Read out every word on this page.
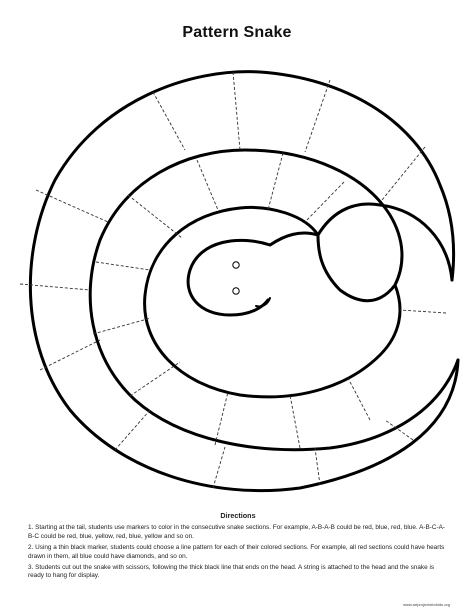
Pattern Snake
Directions

1. Starting at the tail, students use markers to color in the consecutive snake sections. For example, A-B-A-B could be red, blue, red, blue. A-B-C-A-B-C could be red, blue, yellow, red, blue, yellow and so on.

2. Using a thin black marker, students could choose a line pattern for each of their colored sections. For example, all red sections could have hearts drawn in them, all blue could have diamonds, and so on.

3. Students cut out the snake with scissors, following the thick black line that ends on the head. A string is attached to the head and the snake is ready to hang for display.

www.artprojectsforkids.org
